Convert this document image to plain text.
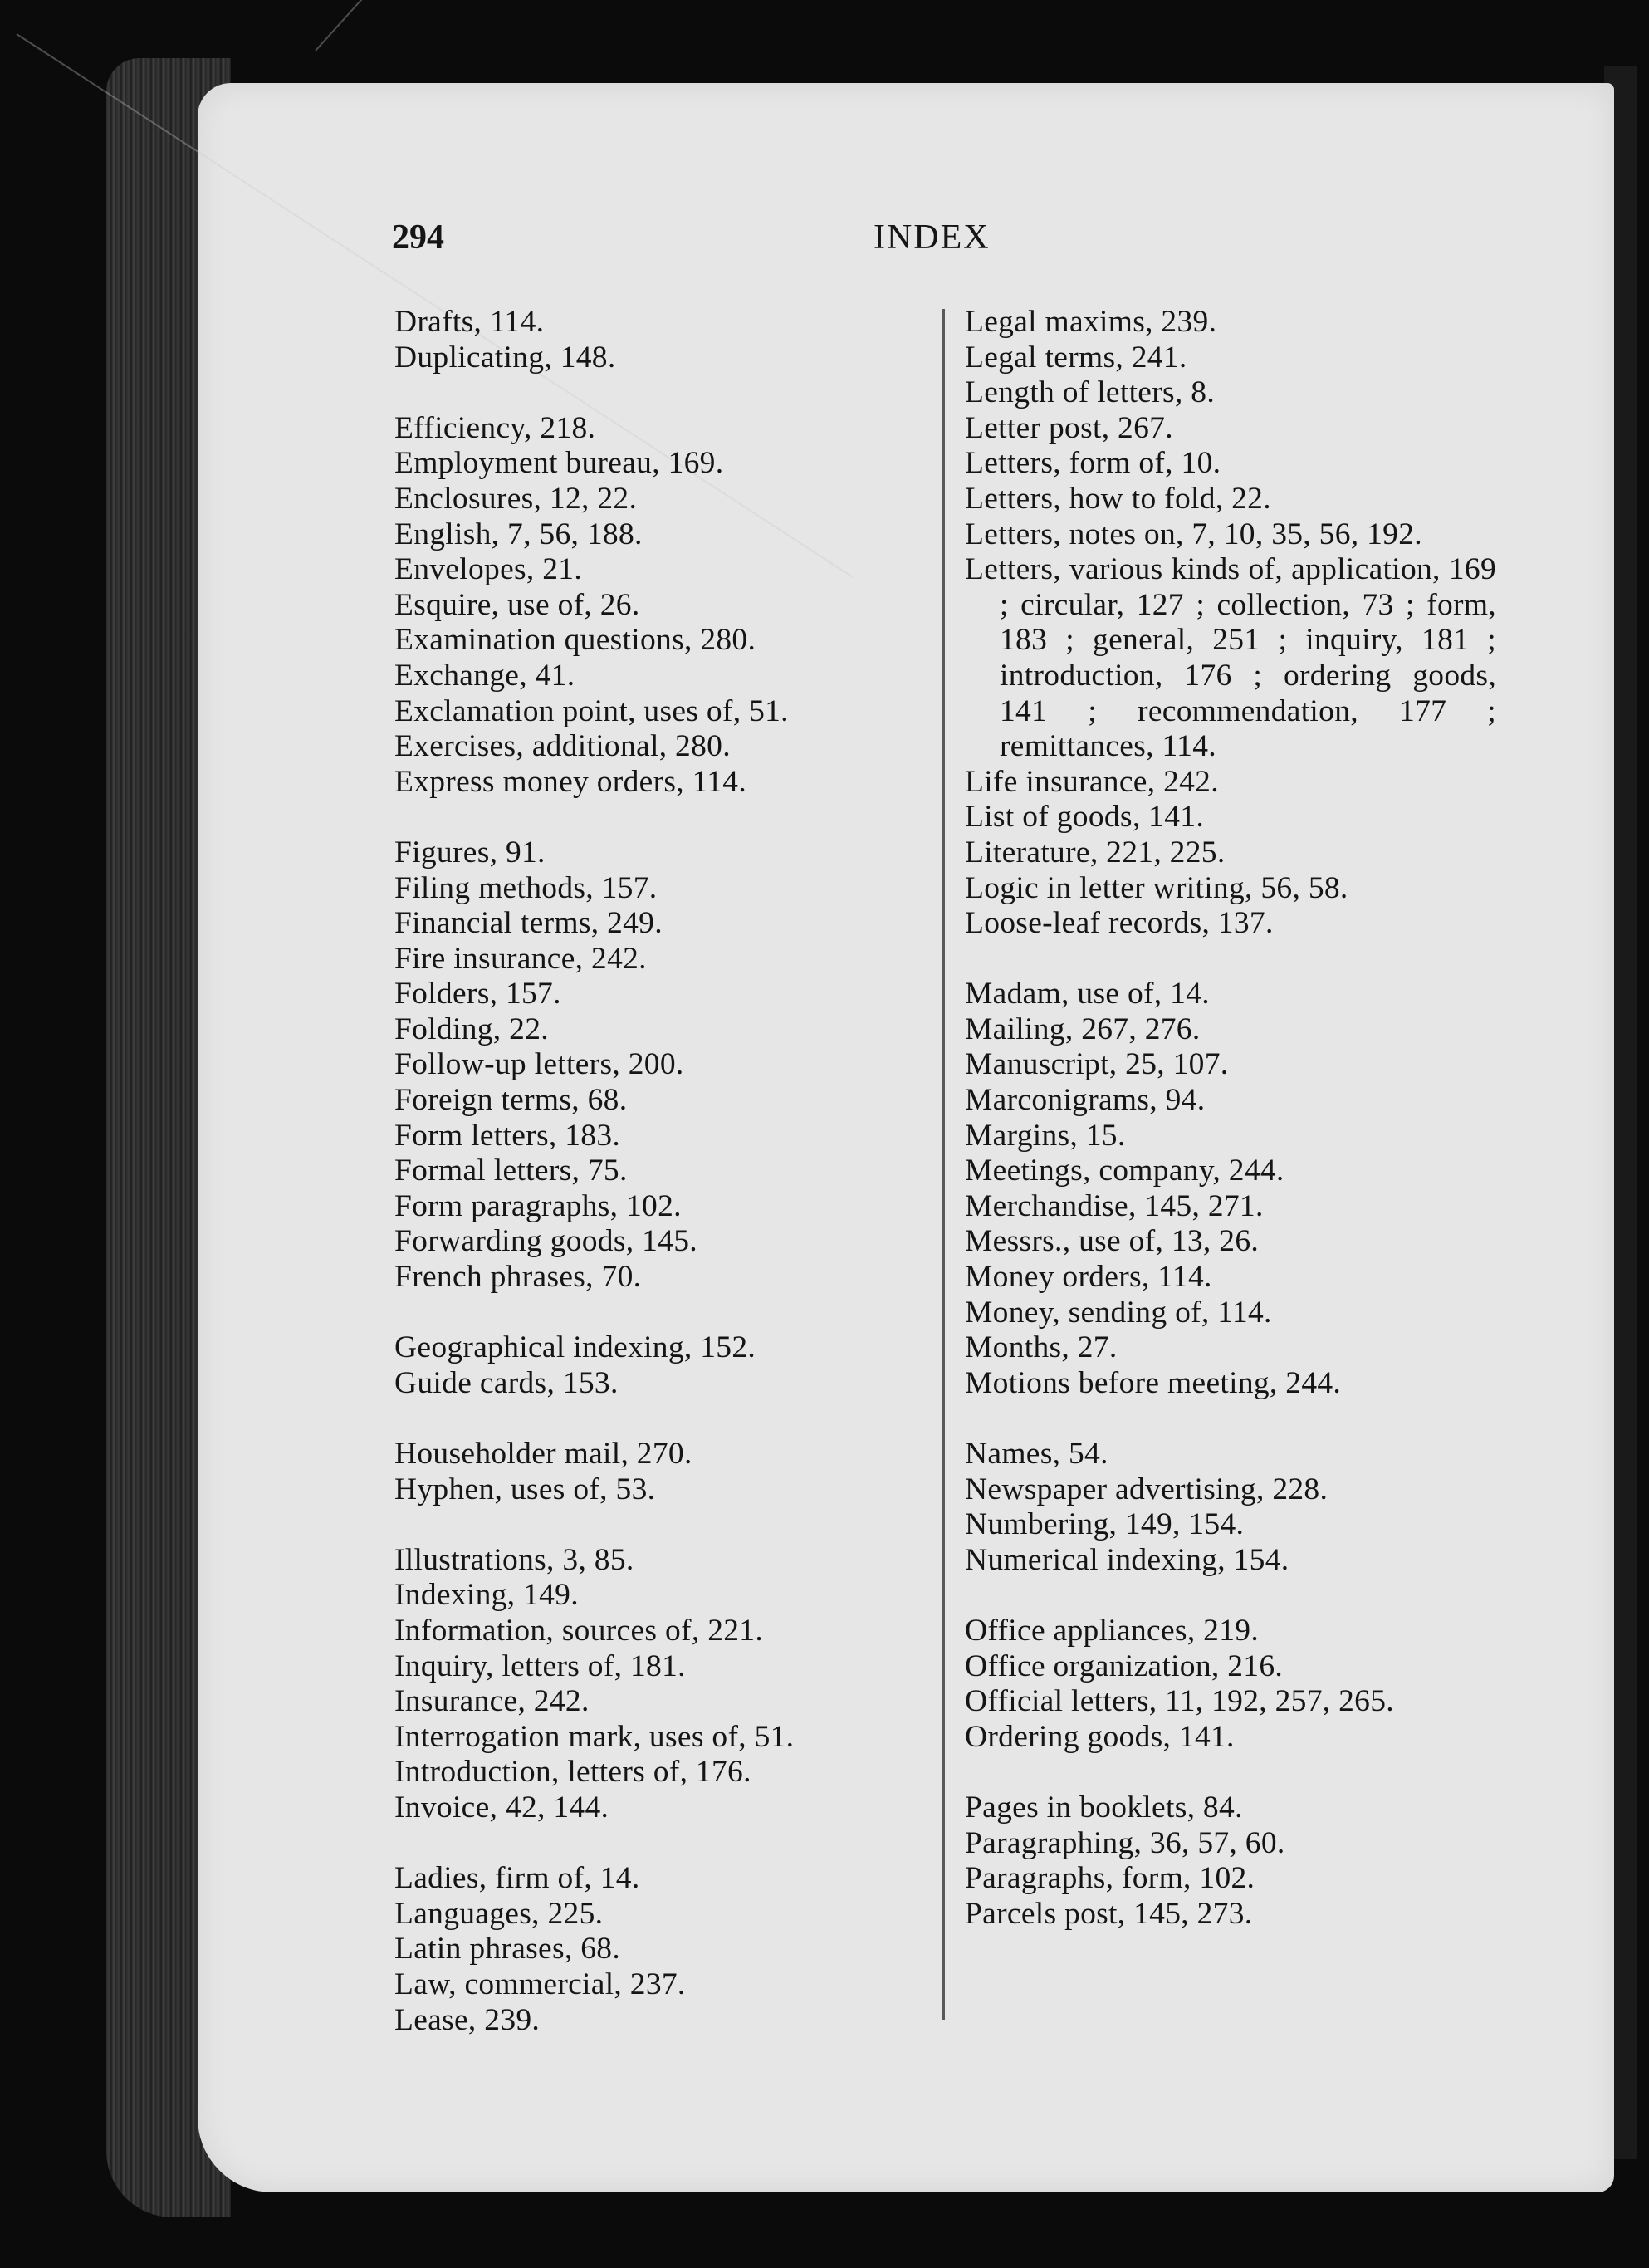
294	INDEX
Drafts, 114.
Duplicating, 148.
Efficiency, 218.
Employment bureau, 169.
Enclosures, 12, 22.
English, 7, 56, 188.
Envelopes, 21.
Esquire, use of, 26.
Examination questions, 280.
Exchange, 41.
Exclamation point, uses of, 51.
Exercises, additional, 280.
Express money orders, 114.
Figures, 91.
Filing methods, 157.
Financial terms, 249.
Fire insurance, 242.
Folders, 157.
Folding, 22.
Follow-up letters, 200.
Foreign terms, 68.
Form letters, 183.
Formal letters, 75.
Form paragraphs, 102.
Forwarding goods, 145.
French phrases, 70.
Geographical indexing, 152.
Guide cards, 153.
Householder mail, 270.
Hyphen, uses of, 53.
Illustrations, 3, 85.
Indexing, 149.
Information, sources of, 221.
Inquiry, letters of, 181.
Insurance, 242.
Interrogation mark, uses of, 51.
Introduction, letters of, 176.
Invoice, 42, 144.
Ladies, firm of, 14.
Languages, 225.
Latin phrases, 68.
Law, commercial, 237.
Lease, 239.
Legal maxims, 239.
Legal terms, 241.
Length of letters, 8.
Letter post, 267.
Letters, form of, 10.
Letters, how to fold, 22.
Letters, notes on, 7, 10, 35, 56, 192.
Letters, various kinds of, application, 169 ; circular, 127 ; collection, 73 ; form, 183 ; general, 251 ; inquiry, 181 ; introduction, 176 ; ordering goods, 141 ; recommendation, 177 ; remittances, 114.
Life insurance, 242.
List of goods, 141.
Literature, 221, 225.
Logic in letter writing, 56, 58.
Loose-leaf records, 137.
Madam, use of, 14.
Mailing, 267, 276.
Manuscript, 25, 107.
Marconigrams, 94.
Margins, 15.
Meetings, company, 244.
Merchandise, 145, 271.
Messrs., use of, 13, 26.
Money orders, 114.
Money, sending of, 114.
Months, 27.
Motions before meeting, 244.
Names, 54.
Newspaper advertising, 228.
Numbering, 149, 154.
Numerical indexing, 154.
Office appliances, 219.
Office organization, 216.
Official letters, 11, 192, 257, 265.
Ordering goods, 141.
Pages in booklets, 84.
Paragraphing, 36, 57, 60.
Paragraphs, form, 102.
Parcels post, 145, 273.
